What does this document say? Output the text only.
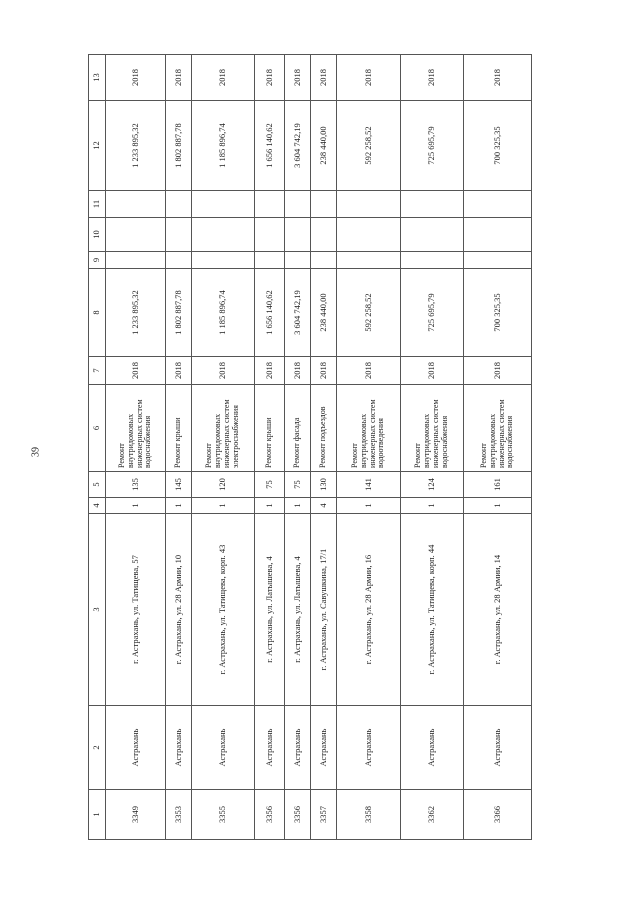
39
1	2	3	4	5	6	7	8	9	10	11	12	13
3349	Астрахань	г. Астрахань, ул. Татищева, 57	1	135	Ремонт внутридомовых инженерных систем водоснабжения	2018	1 233 895,32				1 233 895,32	2018
3353	Астрахань	г. Астрахань, ул. 28 Армии, 10	1	145	Ремонт крыши	2018	1 802 887,78				1 802 887,78	2018
3355	Астрахань	г. Астрахань, ул. Татищева, корп. 43	1	120	Ремонт внутридомовых инженерных систем электроснабжения	2018	1 185 896,74				1 185 896,74	2018
3356	Астрахань	г. Астрахань, ул. Латышева, 4	1	75	Ремонт крыши	2018	1 656 140,62				1 656 140,62	2018
3356	Астрахань	г. Астрахань, ул. Латышева, 4	1	75	Ремонт фасада	2018	3 604 742,19				3 604 742,19	2018
3357	Астрахань	г. Астрахань, ул. Савушкина, 17/1	4	130	Ремонт подъездов	2018	238 440,00				238 440,00	2018
3358	Астрахань	г. Астрахань, ул. 28 Армии, 16	1	141	Ремонт внутридомовых инженерных систем водоотведения	2018	592 258,52				592 258,52	2018
3362	Астрахань	г. Астрахань, ул. Татищева, корп. 44	1	124	Ремонт внутридомовых инженерных систем водоснабжения	2018	725 695,79				725 695,79	2018
3366	Астрахань	г. Астрахань, ул. 28 Армии, 14	1	161	Ремонт внутридомовых инженерных систем водоснабжения	2018	700 325,35				700 325,35	2018
